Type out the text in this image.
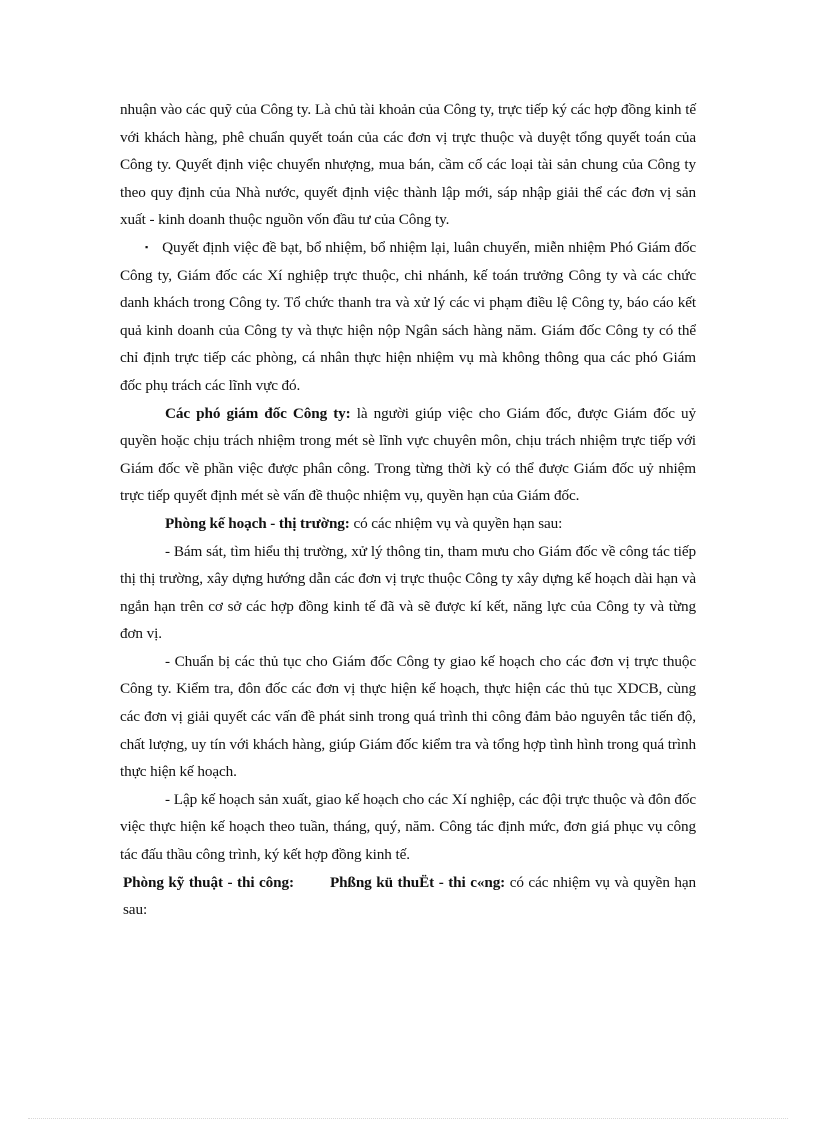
nhuận vào các quỹ của Công ty. Là chủ tài khoản của Công ty, trực tiếp ký các hợp đồng kinh tế với khách hàng, phê chuẩn quyết toán của các đơn vị trực thuộc và duyệt tổng quyết toán của Công ty. Quyết định việc chuyển nhượng, mua bán, cầm cố các loại tài sản chung của Công ty theo quy định của Nhà nước, quyết định việc thành lập mới, sáp nhập giải thể các đơn vị sản xuất - kinh doanh thuộc nguồn vốn đầu tư của Công ty.

▪ Quyết định việc đề bạt, bổ nhiệm, bổ nhiệm lại, luân chuyển, miễn nhiệm Phó Giám đốc Công ty, Giám đốc các Xí nghiệp trực thuộc, chi nhánh, kế toán trưởng Công ty và các chức danh khách trong Công ty. Tổ chức thanh tra và xử lý các vi phạm điều lệ Công ty, báo cáo kết quả kinh doanh của Công ty và thực hiện nộp Ngân sách hàng năm. Giám đốc Công ty có thể chỉ định trực tiếp các phòng, cá nhân thực hiện nhiệm vụ mà không thông qua các phó Giám đốc phụ trách các lĩnh vực đó.

Các phó giám đốc Công ty: là người giúp việc cho Giám đốc, được Giám đốc uỷ quyền hoặc chịu trách nhiệm trong mét sè lĩnh vực chuyên môn, chịu trách nhiệm trực tiếp với Giám đốc về phần việc được phân công. Trong từng thời kỳ có thể được Giám đốc uỷ nhiệm trực tiếp quyết định mét sè vấn đề thuộc nhiệm vụ, quyền hạn của Giám đốc.

Phòng kế hoạch - thị trường: có các nhiệm vụ và quyền hạn sau:

- Bám sát, tìm hiểu thị trường, xử lý thông tin, tham mưu cho Giám đốc về công tác tiếp thị thị trường, xây dựng hướng dẫn các đơn vị trực thuộc Công ty xây dựng kế hoạch dài hạn và ngắn hạn trên cơ sở các hợp đồng kinh tế đã và sẽ được kí kết, năng lực của Công ty và từng đơn vị.

- Chuẩn bị các thủ tục cho Giám đốc Công ty giao kế hoạch cho các đơn vị trực thuộc Công ty. Kiểm tra, đôn đốc các đơn vị thực hiện kế hoạch, thực hiện các thủ tục XDCB, cùng các đơn vị giải quyết các vấn đề phát sinh trong quá trình thi công đảm bảo nguyên tắc tiến độ, chất lượng, uy tín với khách hàng, giúp Giám đốc kiểm tra và tổng hợp tình hình trong quá trình thực hiện kế hoạch.

- Lập kế hoạch sản xuất, giao kế hoạch cho các Xí nghiệp, các đội trực thuộc và đôn đốc việc thực hiện kế hoạch theo tuần, tháng, quý, năm. Công tác định mức, đơn giá phục vụ công tác đấu thầu công trình, ký kết hợp đồng kinh tế.

Phòng kỹ thuật - thi công: Phßng kü thuËt - thi c«ng: có các nhiệm vụ và quyền hạn sau:
